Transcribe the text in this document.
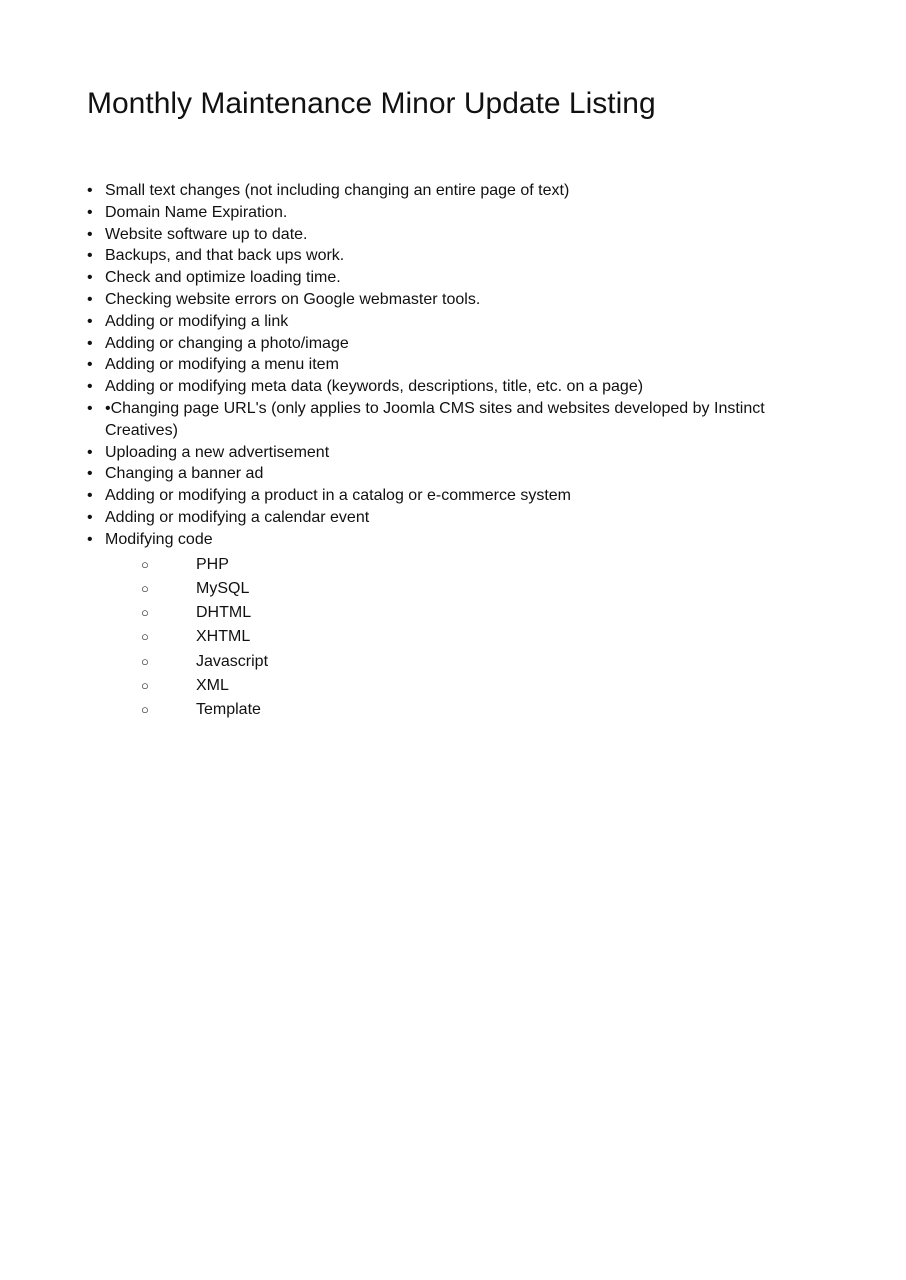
Monthly Maintenance Minor Update Listing
• Small text changes (not including changing an entire page of text)
• Domain Name Expiration.
• Website software up to date.
• Backups, and that back ups work.
• Check and optimize loading time.
• Checking website errors on Google webmaster tools.
• Adding or modifying a link
• Adding or changing a photo/image
• Adding or modifying a menu item
• Adding or modifying meta data (keywords, descriptions, title, etc. on a page)
• •Changing page URL's (only applies to Joomla CMS sites and websites developed by Instinct Creatives)
• Uploading a new advertisement
• Changing a banner ad
• Adding or modifying a product in a catalog or e-commerce system
• Adding or modifying a calendar event
• Modifying code
○	PHP
○	MySQL
○	DHTML
○	XHTML
○	Javascript
○	XML
○	Template
